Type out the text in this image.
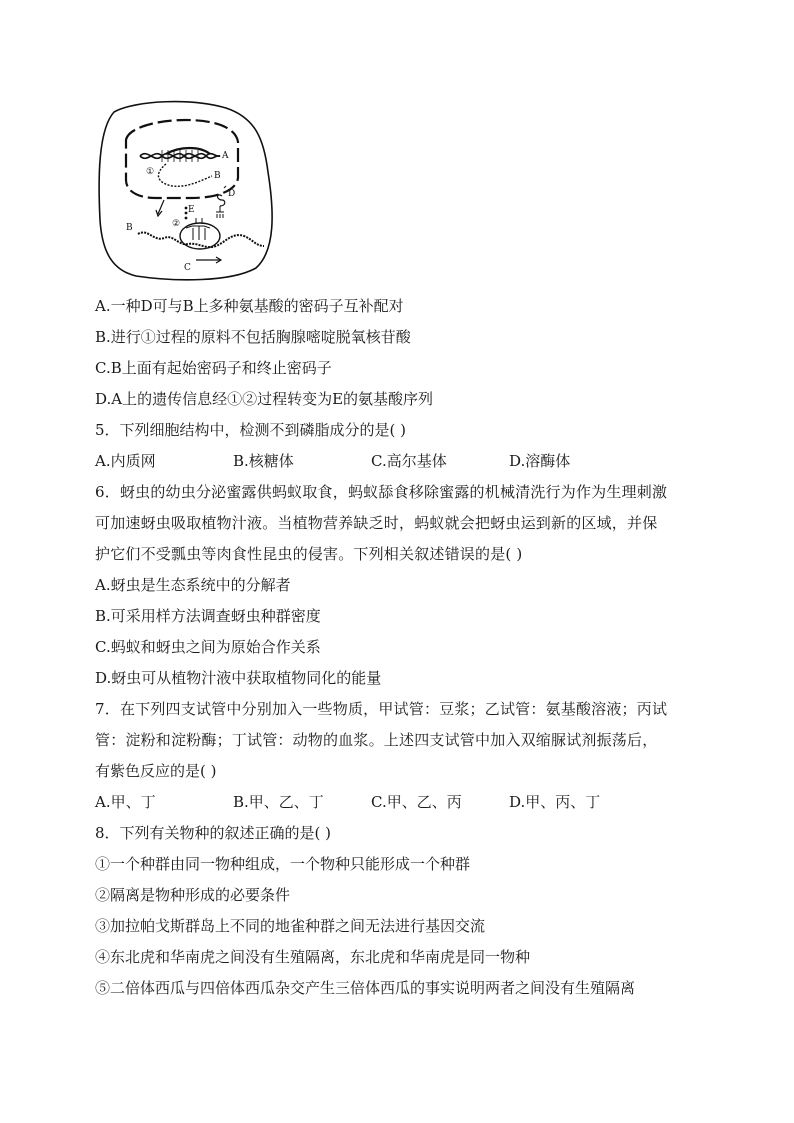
A
B
①
D
E
②
B
C
A.一种D可与B上多种氨基酸的密码子互补配对
B.进行①过程的原料不包括胸腺嘧啶脱氧核苷酸
C.B上面有起始密码子和终止密码子
D.A上的遗传信息经①②过程转变为E的氨基酸序列
5．下列细胞结构中，检测不到磷脂成分的是( )
A.内质网	B.核糖体	C.高尔基体	D.溶酶体
6．蚜虫的幼虫分泌蜜露供蚂蚁取食，蚂蚁舔食移除蜜露的机械清洗行为作为生理刺激
可加速蚜虫吸取植物汁液。当植物营养缺乏时，蚂蚁就会把蚜虫运到新的区域，并保
护它们不受瓢虫等肉食性昆虫的侵害。下列相关叙述错误的是( )
A.蚜虫是生态系统中的分解者
B.可采用样方法调查蚜虫种群密度
C.蚂蚁和蚜虫之间为原始合作关系
D.蚜虫可从植物汁液中获取植物同化的能量
7．在下列四支试管中分别加入一些物质，甲试管：豆浆；乙试管：氨基酸溶液；丙试
管：淀粉和淀粉酶；丁试管：动物的血浆。上述四支试管中加入双缩脲试剂振荡后，
有紫色反应的是( )
A.甲、丁	B.甲、乙、丁	C.甲、乙、丙	D.甲、丙、丁
8．下列有关物种的叙述正确的是( )
①一个种群由同一物种组成，一个物种只能形成一个种群
②隔离是物种形成的必要条件
③加拉帕戈斯群岛上不同的地雀种群之间无法进行基因交流
④东北虎和华南虎之间没有生殖隔离，东北虎和华南虎是同一物种
⑤二倍体西瓜与四倍体西瓜杂交产生三倍体西瓜的事实说明两者之间没有生殖隔离
